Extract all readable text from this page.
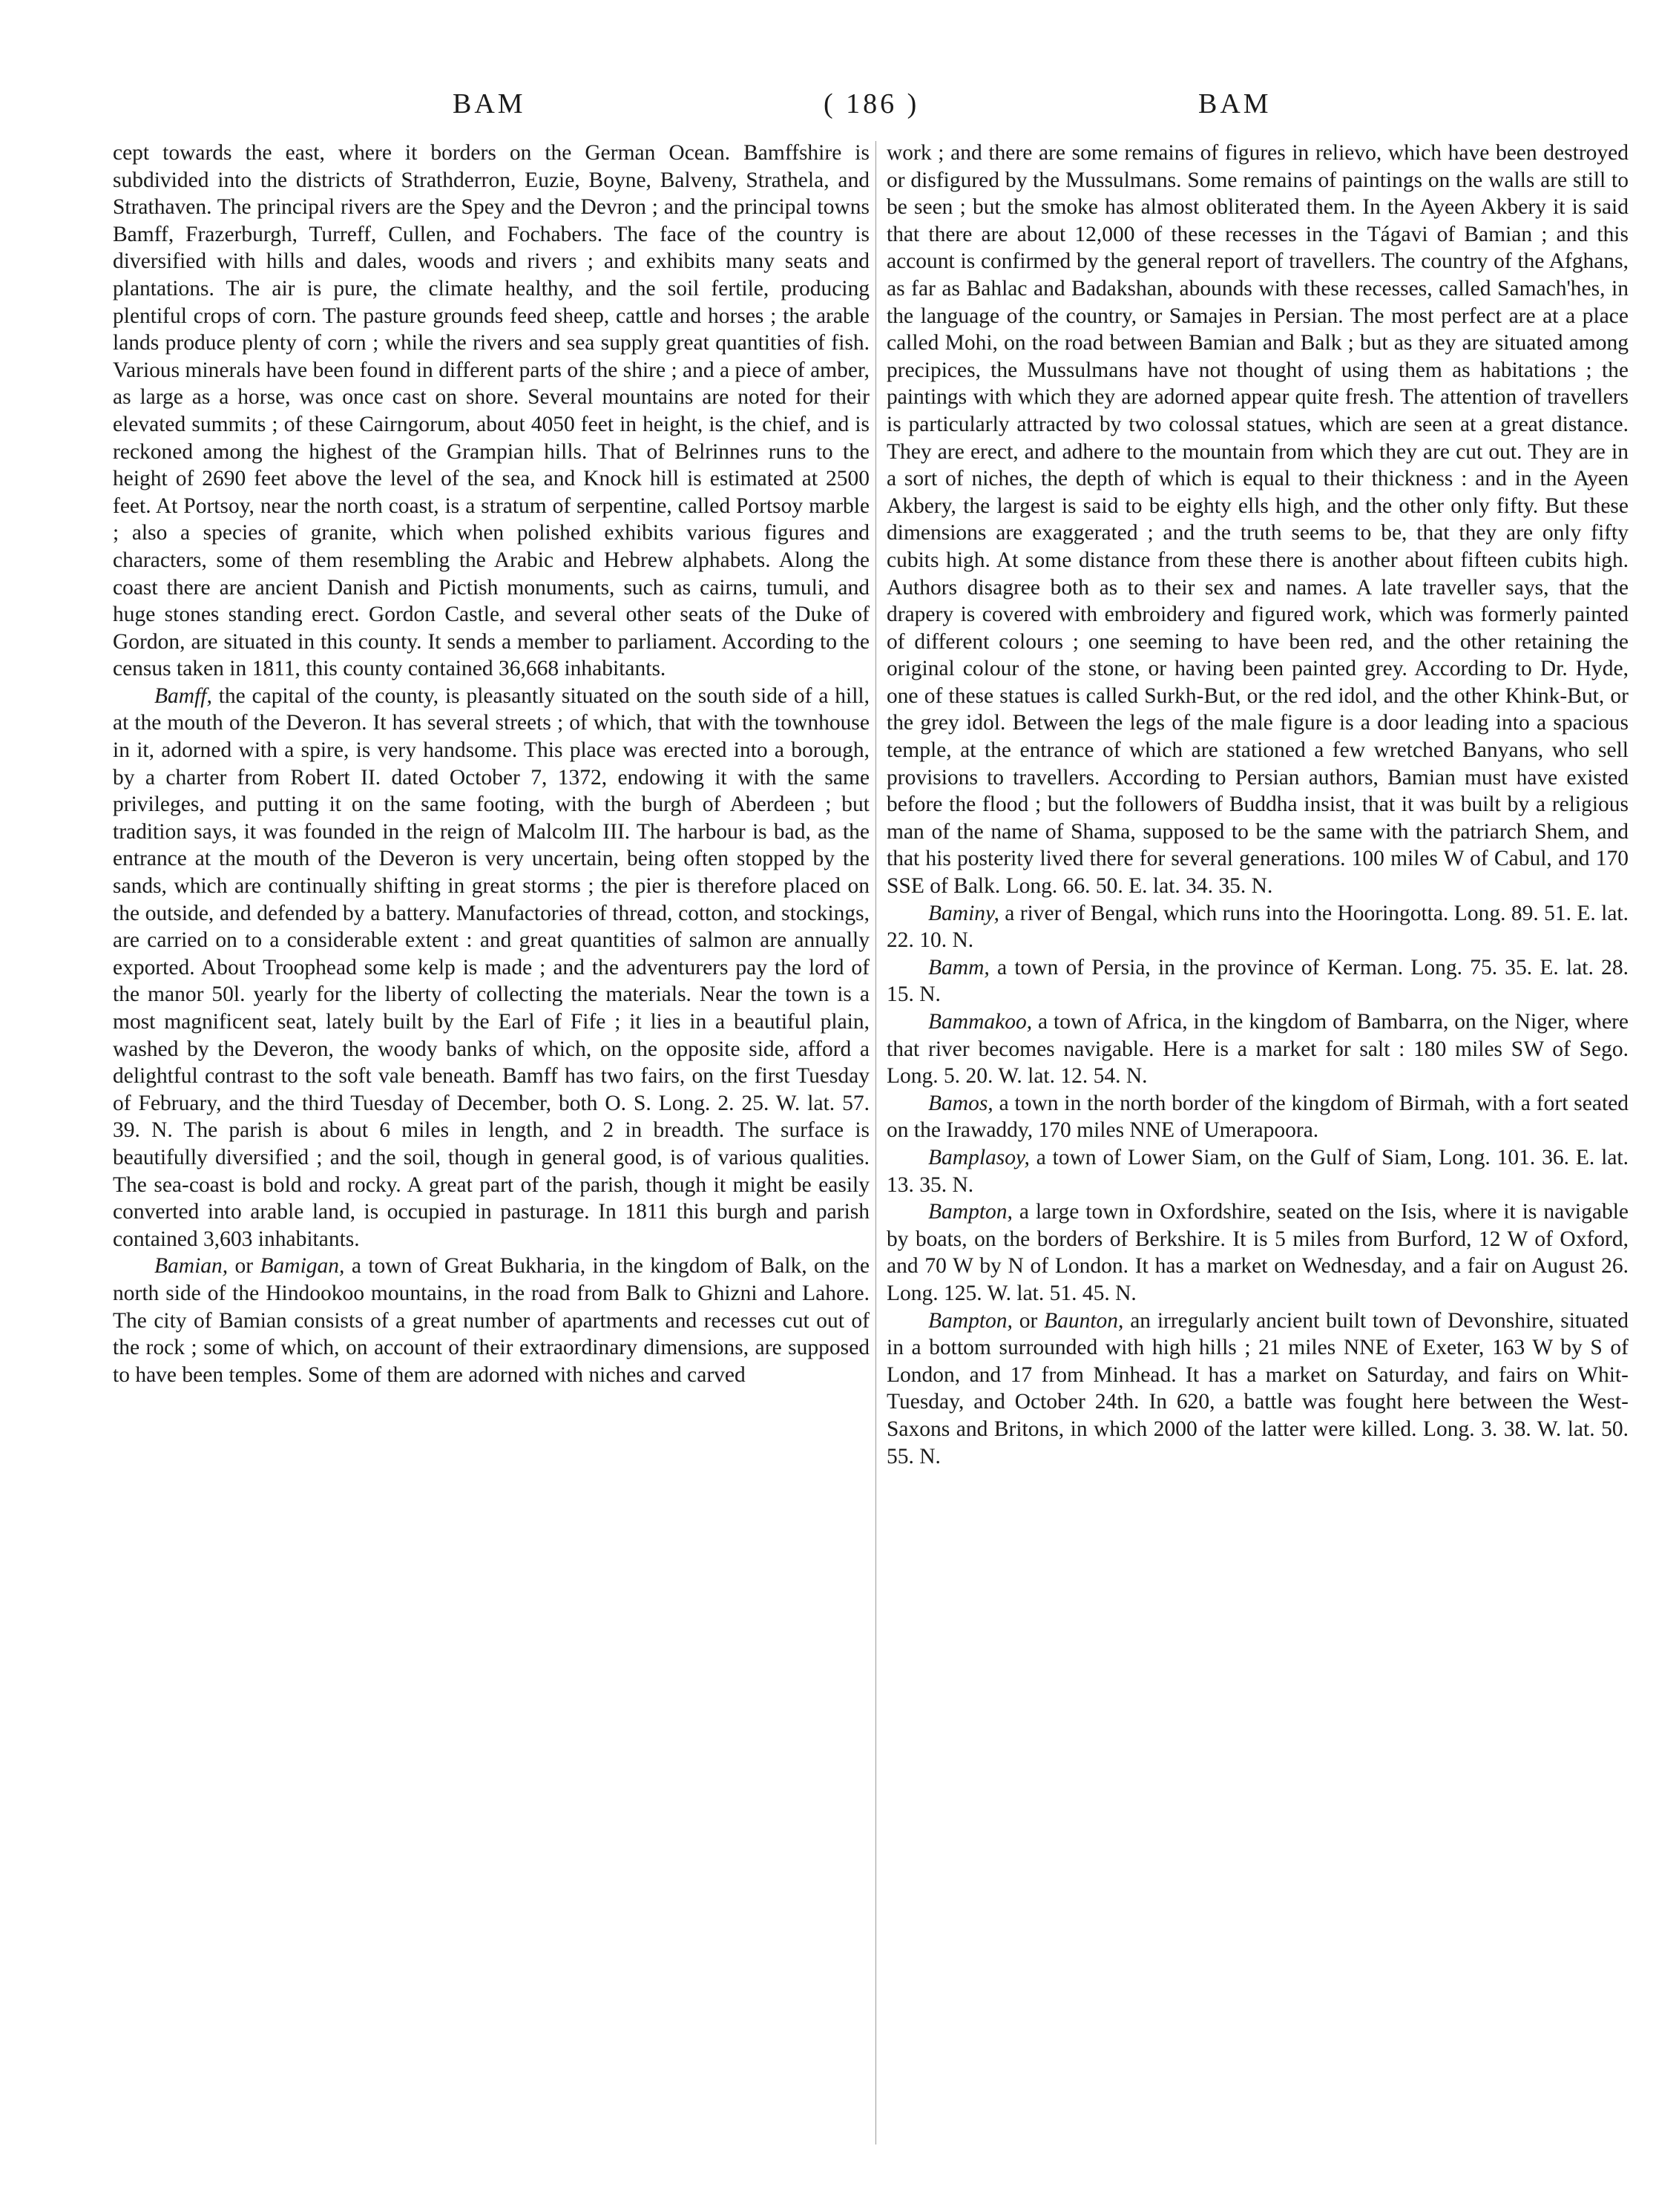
BAM	( 186 )	BAM

cept towards the east, where it borders on the German Ocean. Bamffshire is subdivided into the districts of Strathderron, Euzie, Boyne, Balveny, Strathela, and Strathaven. The principal rivers are the Spey and the Devron ; and the principal towns Bamff, Frazerburgh, Turreff, Cullen, and Fochabers. The face of the country is diversified with hills and dales, woods and rivers ; and exhibits many seats and plantations. The air is pure, the climate healthy, and the soil fertile, producing plentiful crops of corn. The pasture grounds feed sheep, cattle and horses ; the arable lands produce plenty of corn ; while the rivers and sea supply great quantities of fish. Various minerals have been found in different parts of the shire ; and a piece of amber, as large as a horse, was once cast on shore. Several mountains are noted for their elevated summits ; of these Cairngorum, about 4050 feet in height, is the chief, and is reckoned among the highest of the Grampian hills. That of Belrinnes runs to the height of 2690 feet above the level of the sea, and Knock hill is estimated at 2500 feet. At Portsoy, near the north coast, is a stratum of serpentine, called Portsoy marble ; also a species of granite, which when polished exhibits various figures and characters, some of them resembling the Arabic and Hebrew alphabets. Along the coast there are ancient Danish and Pictish monuments, such as cairns, tumuli, and huge stones standing erect. Gordon Castle, and several other seats of the Duke of Gordon, are situated in this county. It sends a member to parliament. According to the census taken in 1811, this county contained 36,668 inhabitants.

Bamff, the capital of the county, is pleasantly situated on the south side of a hill, at the mouth of the Deveron. It has several streets ; of which, that with the townhouse in it, adorned with a spire, is very handsome. This place was erected into a borough, by a charter from Robert II. dated October 7, 1372, endowing it with the same privileges, and putting it on the same footing, with the burgh of Aberdeen ; but tradition says, it was founded in the reign of Malcolm III. The harbour is bad, as the entrance at the mouth of the Deveron is very uncertain, being often stopped by the sands, which are continually shifting in great storms ; the pier is therefore placed on the outside, and defended by a battery. Manufactories of thread, cotton, and stockings, are carried on to a considerable extent : and great quantities of salmon are annually exported. About Troophead some kelp is made ; and the adventurers pay the lord of the manor 50l. yearly for the liberty of collecting the materials. Near the town is a most magnificent seat, lately built by the Earl of Fife ; it lies in a beautiful plain, washed by the Deveron, the woody banks of which, on the opposite side, afford a delightful contrast to the soft vale beneath. Bamff has two fairs, on the first Tuesday of February, and the third Tuesday of December, both O. S. Long. 2. 25. W. lat. 57. 39. N. The parish is about 6 miles in length, and 2 in breadth. The surface is beautifully diversified ; and the soil, though in general good, is of various qualities. The sea-coast is bold and rocky. A great part of the parish, though it might be easily converted into arable land, is occupied in pasturage. In 1811 this burgh and parish contained 3,603 inhabitants.

Bamian, or Bamigan, a town of Great Bukharia, in the kingdom of Balk, on the north side of the Hindookoo mountains, in the road from Balk to Ghizni and Lahore. The city of Bamian consists of a great number of apartments and recesses cut out of the rock ; some of which, on account of their extraordinary dimensions, are supposed to have been temples. Some of them are adorned with niches and carved

work ; and there are some remains of figures in relievo, which have been destroyed or disfigured by the Mussulmans. Some remains of paintings on the walls are still to be seen ; but the smoke has almost obliterated them. In the Ayeen Akbery it is said that there are about 12,000 of these recesses in the Tágavi of Bamian ; and this account is confirmed by the general report of travellers. The country of the Afghans, as far as Bahlac and Badakshan, abounds with these recesses, called Samach'hes, in the language of the country, or Samajes in Persian. The most perfect are at a place called Mohi, on the road between Bamian and Balk ; but as they are situated among precipices, the Mussulmans have not thought of using them as habitations ; the paintings with which they are adorned appear quite fresh. The attention of travellers is particularly attracted by two colossal statues, which are seen at a great distance. They are erect, and adhere to the mountain from which they are cut out. They are in a sort of niches, the depth of which is equal to their thickness : and in the Ayeen Akbery, the largest is said to be eighty ells high, and the other only fifty. But these dimensions are exaggerated ; and the truth seems to be, that they are only fifty cubits high. At some distance from these there is another about fifteen cubits high. Authors disagree both as to their sex and names. A late traveller says, that the drapery is covered with embroidery and figured work, which was formerly painted of different colours ; one seeming to have been red, and the other retaining the original colour of the stone, or having been painted grey. According to Dr. Hyde, one of these statues is called Surkh-But, or the red idol, and the other Khink-But, or the grey idol. Between the legs of the male figure is a door leading into a spacious temple, at the entrance of which are stationed a few wretched Banyans, who sell provisions to travellers. According to Persian authors, Bamian must have existed before the flood ; but the followers of Buddha insist, that it was built by a religious man of the name of Shama, supposed to be the same with the patriarch Shem, and that his posterity lived there for several generations. 100 miles W of Cabul, and 170 SSE of Balk. Long. 66. 50. E. lat. 34. 35. N.

Baminy, a river of Bengal, which runs into the Hooringotta. Long. 89. 51. E. lat. 22. 10. N.

Bamm, a town of Persia, in the province of Kerman. Long. 75. 35. E. lat. 28. 15. N.

Bammakoo, a town of Africa, in the kingdom of Bambarra, on the Niger, where that river becomes navigable. Here is a market for salt : 180 miles SW of Sego. Long. 5. 20. W. lat. 12. 54. N.

Bamos, a town in the north border of the kingdom of Birmah, with a fort seated on the Irawaddy, 170 miles NNE of Umerapoora.

Bamplasoy, a town of Lower Siam, on the Gulf of Siam, Long. 101. 36. E. lat. 13. 35. N.

Bampton, a large town in Oxfordshire, seated on the Isis, where it is navigable by boats, on the borders of Berkshire. It is 5 miles from Burford, 12 W of Oxford, and 70 W by N of London. It has a market on Wednesday, and a fair on August 26. Long. 125. W. lat. 51. 45. N.

Bampton, or Baunton, an irregularly ancient built town of Devonshire, situated in a bottom surrounded with high hills ; 21 miles NNE of Exeter, 163 W by S of London, and 17 from Minhead. It has a market on Saturday, and fairs on Whit-Tuesday, and October 24th. In 620, a battle was fought here between the West-Saxons and Britons, in which 2000 of the latter were killed. Long. 3. 38. W. lat. 50. 55. N.
